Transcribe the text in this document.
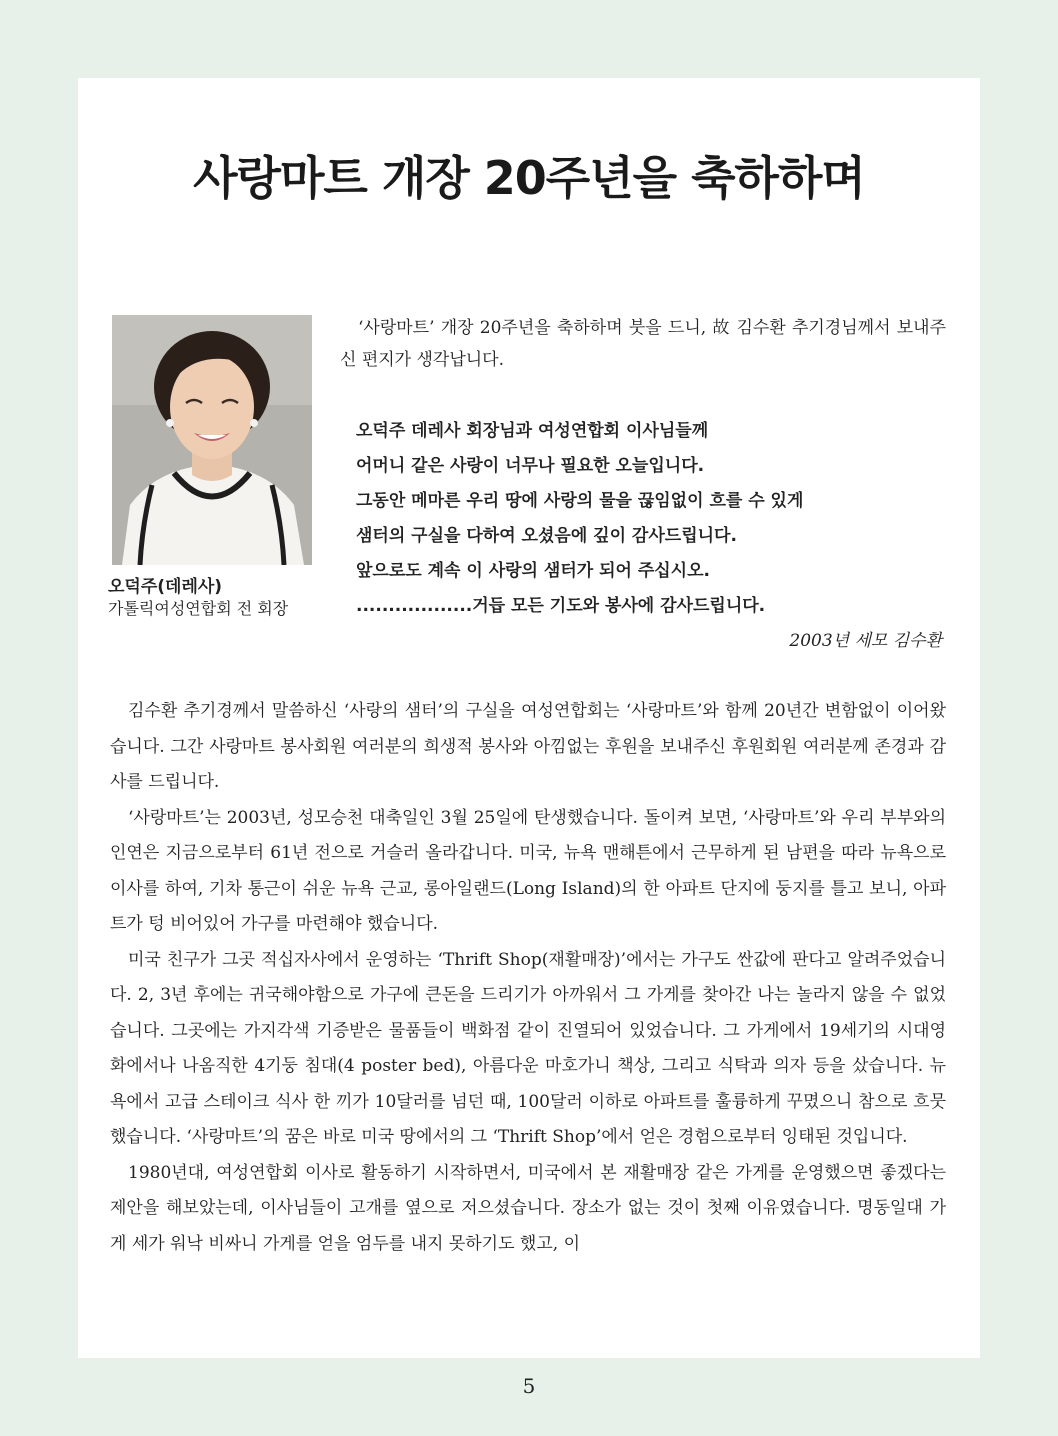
사랑마트 개장 20주년을 축하하며
오덕주(데레사)
가톨릭여성연합회 전 회장

‘사랑마트’ 개장 20주년을 축하하며 붓을 드니, 故 김수환 추기경님께서 보내주신 편지가 생각납니다.

오덕주 데레사 회장님과 여성연합회 이사님들께
어머니 같은 사랑이 너무나 필요한 오늘입니다.
그동안 메마른 우리 땅에 사랑의 물을 끊임없이 흐를 수 있게
샘터의 구실을 다하여 오셨음에 깊이 감사드립니다.
앞으로도 계속 이 사랑의 샘터가 되어 주십시오.
..................거듭 모든 기도와 봉사에 감사드립니다.
2003년 세모 김수환

김수환 추기경께서 말씀하신 ‘사랑의 샘터’의 구실을 여성연합회는 ‘사랑마트’와 함께 20년간 변함없이 이어왔습니다. 그간 사랑마트 봉사회원 여러분의 희생적 봉사와 아낌없는 후원을 보내주신 후원회원 여러분께 존경과 감사를 드립니다.

‘사랑마트’는 2003년, 성모승천 대축일인 3월 25일에 탄생했습니다. 돌이켜 보면, ‘사랑마트’와 우리 부부와의 인연은 지금으로부터 61년 전으로 거슬러 올라갑니다. 미국, 뉴욕 맨해튼에서 근무하게 된 남편을 따라 뉴욕으로 이사를 하여, 기차 통근이 쉬운 뉴욕 근교, 롱아일랜드(Long Island)의 한 아파트 단지에 둥지를 틀고 보니, 아파트가 텅 비어있어 가구를 마련해야 했습니다.

미국 친구가 그곳 적십자사에서 운영하는 ‘Thrift Shop(재활매장)’에서는 가구도 싼값에 판다고 알려주었습니다. 2, 3년 후에는 귀국해야함으로 가구에 큰돈을 드리기가 아까워서 그 가게를 찾아간 나는 놀라지 않을 수 없었습니다. 그곳에는 가지각색 기증받은 물품들이 백화점 같이 진열되어 있었습니다. 그 가게에서 19세기의 시대영화에서나 나옴직한 4기둥 침대(4 poster bed), 아름다운 마호가니 책상, 그리고 식탁과 의자 등을 샀습니다. 뉴욕에서 고급 스테이크 식사 한 끼가 10달러를 넘던 때, 100달러 이하로 아파트를 훌륭하게 꾸몄으니 참으로 흐뭇했습니다. ‘사랑마트’의 꿈은 바로 미국 땅에서의 그 ‘Thrift Shop’에서 얻은 경험으로부터 잉태된 것입니다.

1980년대, 여성연합회 이사로 활동하기 시작하면서, 미국에서 본 재활매장 같은 가게를 운영했으면 좋겠다는 제안을 해보았는데, 이사님들이 고개를 옆으로 저으셨습니다. 장소가 없는 것이 첫째 이유였습니다. 명동일대 가게 세가 워낙 비싸니 가게를 얻을 엄두를 내지 못하기도 했고, 이

5
